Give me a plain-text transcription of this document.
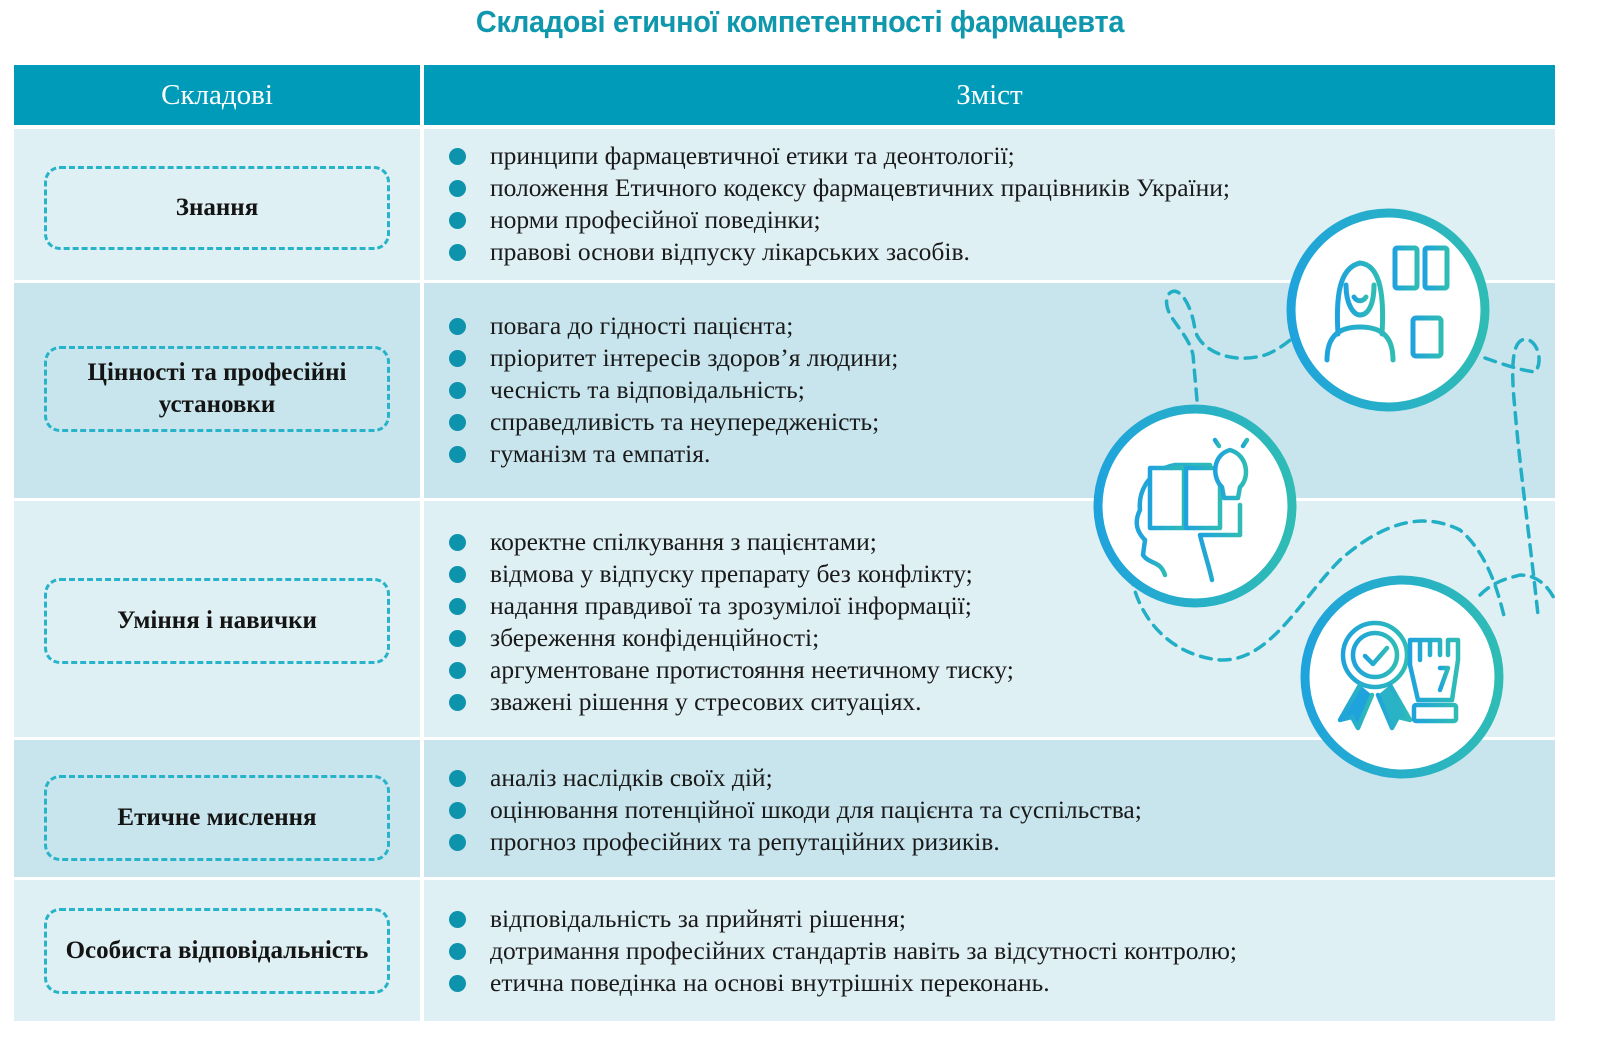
Складові етичної компетентності фармацевта
Складові	Зміст
Знання
принципи фармацевтичної етики та деонтології;
положення Етичного кодексу фармацевтичних працівників України;
норми професійної поведінки;
правові основи відпуску лікарських засобів.
Цінності та професійні установки
повага до гідності пацієнта;
пріоритет інтересів здоров’я людини;
чесність та відповідальність;
справедливість та неупередженість;
гуманізм та емпатія.
Уміння і навички
коректне спілкування з пацієнтами;
відмова у відпуску препарату без конфлікту;
надання правдивої та зрозумілої інформації;
збереження конфіденційності;
аргументоване протистояння неетичному тиску;
зважені рішення у стресових ситуаціях.
Етичне мислення
аналіз наслідків своїх дій;
оцінювання потенційної шкоди для пацієнта та суспільства;
прогноз професійних та репутаційних ризиків.
Особиста відповідальність
відповідальність за прийняті рішення;
дотримання професійних стандартів навіть за відсутності контролю;
етична поведінка на основі внутрішніх переконань.
